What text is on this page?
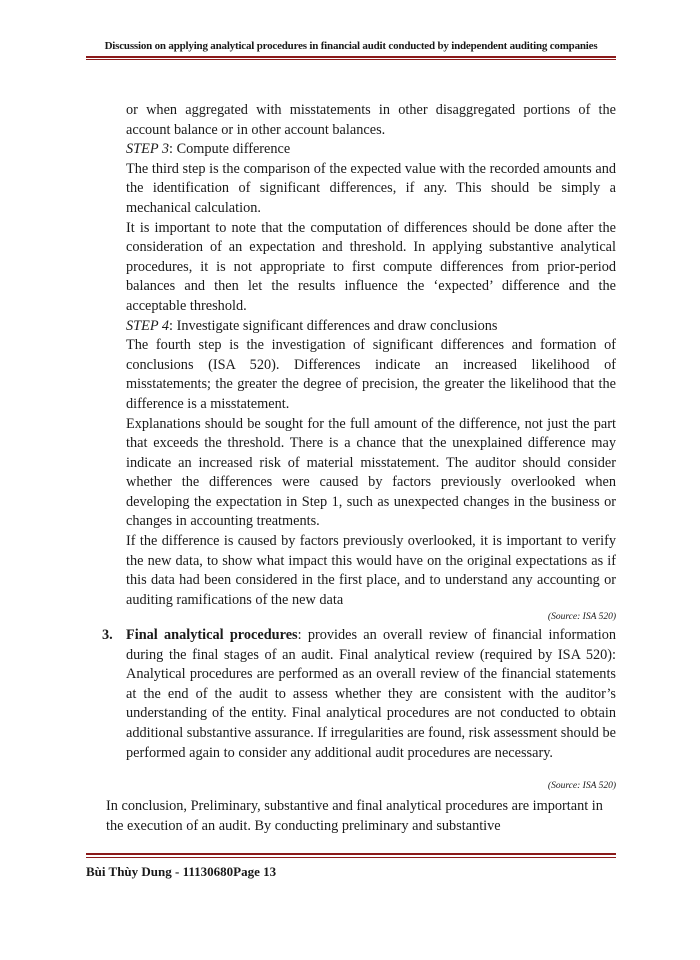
Discussion on applying analytical procedures in financial audit conducted by independent auditing companies

or when aggregated with misstatements in other disaggregated portions of the account balance or in other account balances.

STEP 3: Compute difference

The third step is the comparison of the expected value with the recorded amounts and the identification of significant differences, if any. This should be simply a mechanical calculation.

It is important to note that the computation of differences should be done after the consideration of an expectation and threshold. In applying substantive analytical procedures, it is not appropriate to first compute differences from prior-period balances and then let the results influence the ‘expected’ difference and the acceptable threshold.

STEP 4: Investigate significant differences and draw conclusions

The fourth step is the investigation of significant differences and formation of conclusions (ISA 520). Differences indicate an increased likelihood of misstatements; the greater the degree of precision, the greater the likelihood that the difference is a misstatement.

Explanations should be sought for the full amount of the difference, not just the part that exceeds the threshold. There is a chance that the unexplained difference may indicate an increased risk of material misstatement. The auditor should consider whether the differences were caused by factors previously overlooked when developing the expectation in Step 1, such as unexpected changes in the business or changes in accounting treatments.

If the difference is caused by factors previously overlooked, it is important to verify the new data, to show what impact this would have on the original expectations as if this data had been considered in the first place, and to understand any accounting or auditing ramifications of the new data

(Source: ISA 520)

3. Final analytical procedures: provides an overall review of financial information during the final stages of an audit. Final analytical review (required by ISA 520): Analytical procedures are performed as an overall review of the financial statements at the end of the audit to assess whether they are consistent with the auditor’s understanding of the entity. Final analytical procedures are not conducted to obtain additional substantive assurance. If irregularities are found, risk assessment should be performed again to consider any additional audit procedures are necessary.
(Source: ISA 520)
In conclusion, Preliminary, substantive and final analytical procedures are important in the execution of an audit. By conducting preliminary and substantive
Bùi Thùy Dung - 11130680Page 13
